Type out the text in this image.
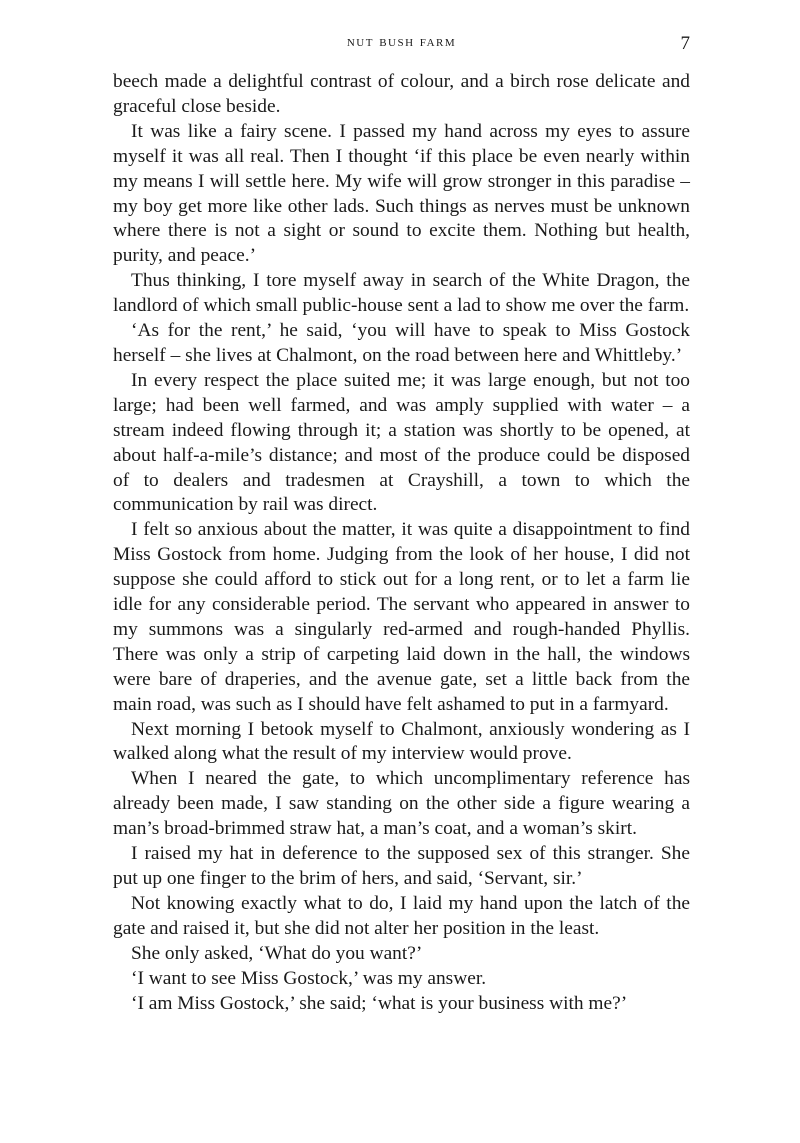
nut bush farm	7

beech made a delightful contrast of colour, and a birch rose delicate and graceful close beside.

It was like a fairy scene. I passed my hand across my eyes to assure myself it was all real. Then I thought ‘if this place be even nearly within my means I will settle here. My wife will grow stronger in this paradise – my boy get more like other lads. Such things as nerves must be unknown where there is not a sight or sound to excite them. Nothing but health, purity, and peace.’

Thus thinking, I tore myself away in search of the White Dragon, the landlord of which small public-house sent a lad to show me over the farm.

‘As for the rent,’ he said, ‘you will have to speak to Miss Gostock herself – she lives at Chalmont, on the road between here and Whittleby.’

In every respect the place suited me; it was large enough, but not too large; had been well farmed, and was amply supplied with water – a stream indeed flowing through it; a station was shortly to be opened, at about half-a-mile’s distance; and most of the produce could be disposed of to dealers and tradesmen at Crayshill, a town to which the communication by rail was direct.

I felt so anxious about the matter, it was quite a disappointment to find Miss Gostock from home. Judging from the look of her house, I did not suppose she could afford to stick out for a long rent, or to let a farm lie idle for any considerable period. The servant who appeared in answer to my summons was a singularly red-armed and rough-handed Phyllis. There was only a strip of carpeting laid down in the hall, the windows were bare of draperies, and the avenue gate, set a little back from the main road, was such as I should have felt ashamed to put in a farmyard.

Next morning I betook myself to Chalmont, anxiously wondering as I walked along what the result of my interview would prove.

When I neared the gate, to which uncomplimentary reference has already been made, I saw standing on the other side a figure wearing a man’s broad-brimmed straw hat, a man’s coat, and a woman’s skirt.

I raised my hat in deference to the supposed sex of this stranger. She put up one finger to the brim of hers, and said, ‘Servant, sir.’

Not knowing exactly what to do, I laid my hand upon the latch of the gate and raised it, but she did not alter her position in the least.

She only asked, ‘What do you want?’

‘I want to see Miss Gostock,’ was my answer.

‘I am Miss Gostock,’ she said; ‘what is your business with me?’
